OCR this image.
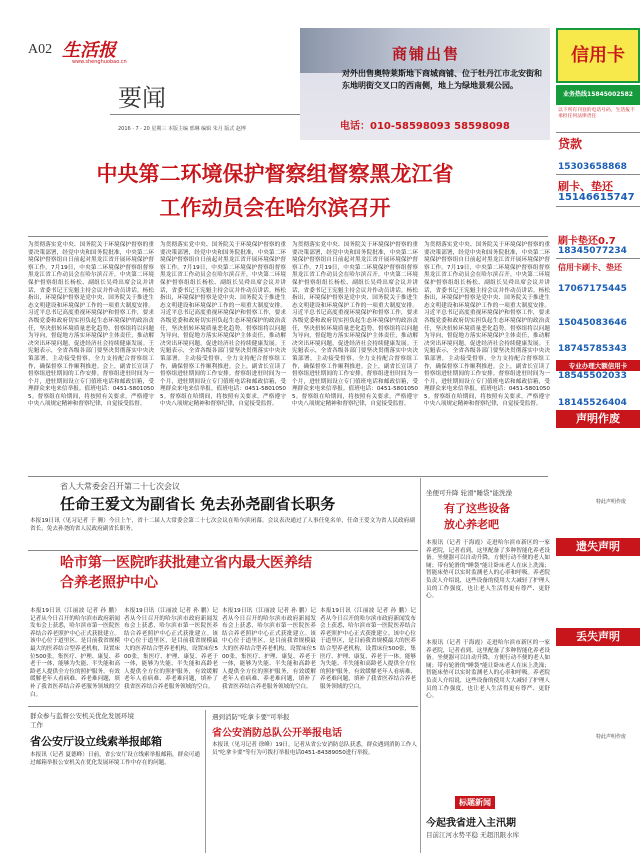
A02 生活报
www.shenghuobao.cn
要闻
2016 · 7 · 20 星期三 本版主编 邢琳 编辑 朱月 版式 赵博
商铺出售
对外出售奥特莱斯地下商城商铺、位于牡丹江市北安街和东地明街交叉口的西南侧，地上为绿地景观公园。
电话：010-58598093 58598098
信用卡
业务热线15845002582
以下所有刊登的电话号码，生活报不承担任何法律责任
贷款
15303658868
刷卡、垫还
15146615747
刷卡垫还0.7
18345077234
信用卡刷卡、垫还
17067175445
15045083646
18745785343
专业办理大额信用卡
18545502033
18145526404
声明作废
特此声明作废
遗失声明
丢失声明
特此声明作废
中央第二环境保护督察组督察黑龙江省工作动员会在哈尔滨召开
为贯彻落实党中央、国务院关于环境保护督察的重要决策部署，经党中央和国务院批准，中央第二环境保护督察组自日前起对黑龙江省开展环境保护督察工作。7月19日，中央第二环境保护督察组督察黑龙江省工作动员会在哈尔滨召开，中央第二环境保护督察组组长杨松、副组长吴舜出席会议并讲话，省委书记王宪魁主持会议并作动员讲话。杨松指出，环境保护督察是党中央、国务院关于推进生态文明建设和环境保护工作的一项重大制度安排。习近平总书记高度重视环境保护和督察工作，要求各级党委和政府切实担负起生态环境保护的政治责任，坚决扭转环境质量恶化趋势。督察组将以问题为导向，督促地方落实环境保护主体责任，推动解决突出环境问题，促进经济社会持续健康发展。王宪魁表示，全省各级各部门要坚决贯彻落实中央决策部署，主动接受督察，全力支持配合督察组工作，确保督察工作顺利推进。会上，副省长宣读了督察组进驻期间的工作安排。督察组进驻时间为一个月，进驻期间设立专门值班电话和邮政信箱，受理群众来电来信举报。值班电话：0451-58010505。督察组在哈期间，将按照有关要求，严格遵守中央八项规定精神和督察纪律，自觉接受监督。
为贯彻落实党中央、国务院关于环境保护督察的重要决策部署，经党中央和国务院批准，中央第二环境保护督察组自日前起对黑龙江省开展环境保护督察工作。7月19日，中央第二环境保护督察组督察黑龙江省工作动员会在哈尔滨召开，中央第二环境保护督察组组长杨松、副组长吴舜出席会议并讲话，省委书记王宪魁主持会议并作动员讲话。杨松指出，环境保护督察是党中央、国务院关于推进生态文明建设和环境保护工作的一项重大制度安排。习近平总书记高度重视环境保护和督察工作，要求各级党委和政府切实担负起生态环境保护的政治责任，坚决扭转环境质量恶化趋势。督察组将以问题为导向，督促地方落实环境保护主体责任，推动解决突出环境问题，促进经济社会持续健康发展。王宪魁表示，全省各级各部门要坚决贯彻落实中央决策部署，主动接受督察，全力支持配合督察组工作，确保督察工作顺利推进。会上，副省长宣读了督察组进驻期间的工作安排。督察组进驻时间为一个月，进驻期间设立专门值班电话和邮政信箱，受理群众来电来信举报。值班电话：0451-58010505。督察组在哈期间，将按照有关要求，严格遵守中央八项规定精神和督察纪律，自觉接受监督。
为贯彻落实党中央、国务院关于环境保护督察的重要决策部署，经党中央和国务院批准，中央第二环境保护督察组自日前起对黑龙江省开展环境保护督察工作。7月19日，中央第二环境保护督察组督察黑龙江省工作动员会在哈尔滨召开，中央第二环境保护督察组组长杨松、副组长吴舜出席会议并讲话，省委书记王宪魁主持会议并作动员讲话。杨松指出，环境保护督察是党中央、国务院关于推进生态文明建设和环境保护工作的一项重大制度安排。习近平总书记高度重视环境保护和督察工作，要求各级党委和政府切实担负起生态环境保护的政治责任，坚决扭转环境质量恶化趋势。督察组将以问题为导向，督促地方落实环境保护主体责任，推动解决突出环境问题，促进经济社会持续健康发展。王宪魁表示，全省各级各部门要坚决贯彻落实中央决策部署，主动接受督察，全力支持配合督察组工作，确保督察工作顺利推进。会上，副省长宣读了督察组进驻期间的工作安排。督察组进驻时间为一个月，进驻期间设立专门值班电话和邮政信箱，受理群众来电来信举报。值班电话：0451-58010505。督察组在哈期间，将按照有关要求，严格遵守中央八项规定精神和督察纪律，自觉接受监督。
为贯彻落实党中央、国务院关于环境保护督察的重要决策部署，经党中央和国务院批准，中央第二环境保护督察组自日前起对黑龙江省开展环境保护督察工作。7月19日，中央第二环境保护督察组督察黑龙江省工作动员会在哈尔滨召开，中央第二环境保护督察组组长杨松、副组长吴舜出席会议并讲话，省委书记王宪魁主持会议并作动员讲话。杨松指出，环境保护督察是党中央、国务院关于推进生态文明建设和环境保护工作的一项重大制度安排。习近平总书记高度重视环境保护和督察工作，要求各级党委和政府切实担负起生态环境保护的政治责任，坚决扭转环境质量恶化趋势。督察组将以问题为导向，督促地方落实环境保护主体责任，推动解决突出环境问题，促进经济社会持续健康发展。王宪魁表示，全省各级各部门要坚决贯彻落实中央决策部署，主动接受督察，全力支持配合督察组工作，确保督察工作顺利推进。会上，副省长宣读了督察组进驻期间的工作安排。督察组进驻时间为一个月，进驻期间设立专门值班电话和邮政信箱，受理群众来电来信举报。值班电话：0451-58010505。督察组在哈期间，将按照有关要求，严格遵守中央八项规定精神和督察纪律，自觉接受监督。
省人大常委会召开第二十七次会议
任命王爱文为副省长 免去孙尧副省长职务
本报19日讯（见习记者 于 腾）今日上午，省十二届人大常委会第二十七次会议在哈尔滨闭幕。会议表决通过了人事任免名单，任命王爱文为省人民政府副省长，免去孙尧的省人民政府副省长职务。
哈市第一医院昨获批建立省内最大医养结合养老照护中心
本报19日讯（江丽波 记者 孙 鹏）记者从今日召开的哈尔滨市政府新闻发布会上获悉，哈尔滨市第一医院医养结合养老照护中心正式获批建立。该中心位于道里区，是目前我省规模最大的医养结合型养老机构，设置床位500张，集医疗、护理、康复、养老于一体，能够为失能、半失能和高龄老人提供全方位的照护服务，有效缓解老年人看病难、养老难问题，填补了我省医养结合养老服务领域的空白。
本报19日讯（江丽波 记者 孙 鹏）记者从今日召开的哈尔滨市政府新闻发布会上获悉，哈尔滨市第一医院医养结合养老照护中心正式获批建立。该中心位于道里区，是目前我省规模最大的医养结合型养老机构，设置床位500张，集医疗、护理、康复、养老于一体，能够为失能、半失能和高龄老人提供全方位的照护服务，有效缓解老年人看病难、养老难问题，填补了我省医养结合养老服务领域的空白。
本报19日讯（江丽波 记者 孙 鹏）记者从今日召开的哈尔滨市政府新闻发布会上获悉，哈尔滨市第一医院医养结合养老照护中心正式获批建立。该中心位于道里区，是目前我省规模最大的医养结合型养老机构，设置床位500张，集医疗、护理、康复、养老于一体，能够为失能、半失能和高龄老人提供全方位的照护服务，有效缓解老年人看病难、养老难问题，填补了我省医养结合养老服务领域的空白。
本报19日讯（江丽波 记者 孙 鹏）记者从今日召开的哈尔滨市政府新闻发布会上获悉，哈尔滨市第一医院医养结合养老照护中心正式获批建立。该中心位于道里区，是目前我省规模最大的医养结合型养老机构，设置床位500张，集医疗、护理、康复、养老于一体，能够为失能、半失能和高龄老人提供全方位的照护服务，有效缓解老年人看病难、养老难问题，填补了我省医养结合养老服务领域的空白。
坐便可升降 轮滑"睡袋"能洗澡
有了这些设备放心养老吧
本报讯（记者 于海霞）走进哈尔滨市新区的一家养老院，记者看到，这里配备了多种智能化养老设备。坐便器可以自动升降，方便行动不便的老人如厕；带有轮滑的"睡袋"能让卧床老人在床上洗澡；智能床垫可以实时监测老人的心率和呼吸。养老院负责人介绍说，这些设备的使用大大减轻了护理人员的工作强度，也让老人生活得更有尊严、更舒心。
本报讯（记者 于海霞）走进哈尔滨市新区的一家养老院，记者看到，这里配备了多种智能化养老设备。坐便器可以自动升降，方便行动不便的老人如厕；带有轮滑的"睡袋"能让卧床老人在床上洗澡；智能床垫可以实时监测老人的心率和呼吸。养老院负责人介绍说，这些设备的使用大大减轻了护理人员的工作强度，也让老人生活得更有尊严、更舒心。
群众参与监督公安机关优化发展环境工作
省公安厅设立线索举报邮箱
本报讯（记者 夏德峰）日前，省公安厅设立线索举报邮箱，群众可通过邮箱举报公安机关在优化发展环境工作中存在的问题。
遇到消防"吃拿卡要"可举报
省公安消防总队公开举报电话
本报讯（见习记者 徐峰）19日，记者从省公安消防总队获悉，群众遇到消防工作人员"吃拿卡要"等行为可拨打举报电话0451-84389050进行举报。
标题新闻
今起我省进入主汛期
目前江河水势平稳 无超汛限水库
